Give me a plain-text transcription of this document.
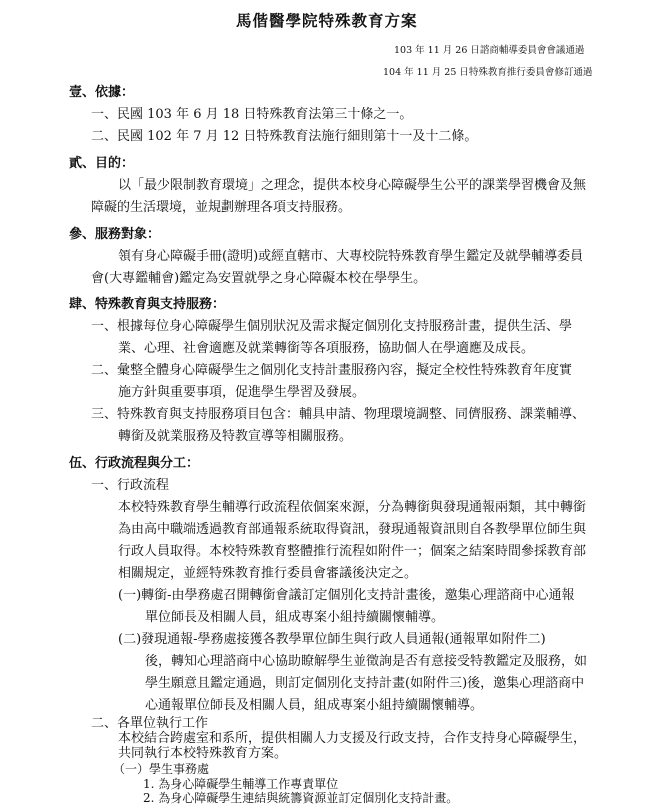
馬偕醫學院特殊教育方案
103 年 11 月 26 日諮商輔導委員會會議通過
104 年 11 月 25 日特殊教育推行委員會修訂通過
壹、依據：
一、民國 103 年 6 月 18 日特殊教育法第三十條之一。
二、民國 102 年 7 月 12 日特殊教育法施行細則第十一及十二條。
貳、目的：
以「最少限制教育環境」之理念，提供本校身心障礙學生公平的課業學習機會及無
障礙的生活環境，並規劃辦理各項支持服務。
參、服務對象：
領有身心障礙手冊(證明)或經直轄市、大專校院特殊教育學生鑑定及就學輔導委員
會(大專鑑輔會)鑑定為安置就學之身心障礙本校在學學生。
肆、特殊教育與支持服務：
一、根據每位身心障礙學生個別狀況及需求擬定個別化支持服務計畫，提供生活、學
業、心理、社會適應及就業轉銜等各項服務，協助個人在學適應及成長。
二、彙整全體身心障礙學生之個別化支持計畫服務內容，擬定全校性特殊教育年度實
施方針與重要事項，促進學生學習及發展。
三、特殊教育與支持服務項目包含：輔具申請、物理環境調整、同儕服務、課業輔導、
轉銜及就業服務及特教宣導等相關服務。
伍、行政流程與分工：
一、行政流程
本校特殊教育學生輔導行政流程依個案來源，分為轉銜與發現通報兩類，其中轉銜
為由高中職端透過教育部通報系統取得資訊，發現通報資訊則自各教學單位師生與
行政人員取得。本校特殊教育整體推行流程如附件一；個案之結案時間參採教育部
相關規定，並經特殊教育推行委員會審議後決定之。
(一)轉銜-由學務處召開轉銜會議訂定個別化支持計畫後，邀集心理諮商中心通報
單位師長及相關人員，組成專案小組持續關懷輔導。
(二)發現通報-學務處接獲各教學單位師生與行政人員通報(通報單如附件二)
後，轉知心理諮商中心協助瞭解學生並徵詢是否有意接受特教鑑定及服務，如
學生願意且鑑定通過，則訂定個別化支持計畫(如附件三)後，邀集心理諮商中
心通報單位師長及相關人員，組成專案小組持續關懷輔導。
二、各單位執行工作
本校結合跨處室和系所，提供相關人力支援及行政支持，合作支持身心障礙學生，
共同執行本校特殊教育方案。
（一）學生事務處
1. 為身心障礙學生輔導工作專責單位
2. 為身心障礙學生連結與統籌資源並訂定個別化支持計畫。
